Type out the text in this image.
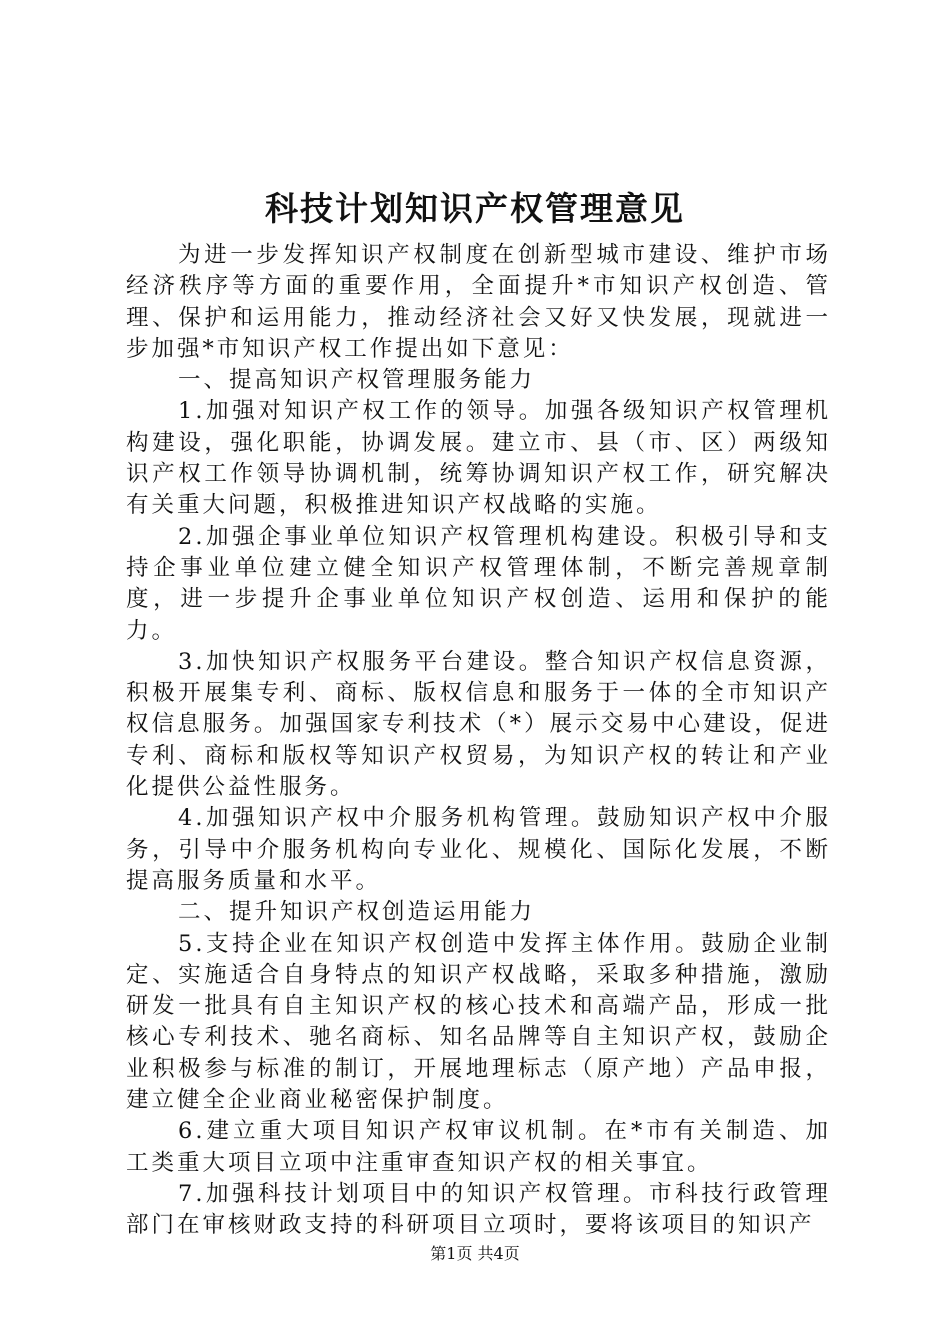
科技计划知识产权管理意见

为进一步发挥知识产权制度在创新型城市建设、维护市场经济秩序等方面的重要作用，全面提升*市知识产权创造、管理、保护和运用能力，推动经济社会又好又快发展，现就进一步加强*市知识产权工作提出如下意见：

一、提高知识产权管理服务能力

1.加强对知识产权工作的领导。加强各级知识产权管理机构建设，强化职能，协调发展。建立市、县（市、区）两级知识产权工作领导协调机制，统筹协调知识产权工作，研究解决有关重大问题，积极推进知识产权战略的实施。

2.加强企事业单位知识产权管理机构建设。积极引导和支持企事业单位建立健全知识产权管理体制，不断完善规章制度，进一步提升企事业单位知识产权创造、运用和保护的能力。

3.加快知识产权服务平台建设。整合知识产权信息资源，积极开展集专利、商标、版权信息和服务于一体的全市知识产权信息服务。加强国家专利技术（*）展示交易中心建设，促进专利、商标和版权等知识产权贸易，为知识产权的转让和产业化提供公益性服务。

4.加强知识产权中介服务机构管理。鼓励知识产权中介服务，引导中介服务机构向专业化、规模化、国际化发展，不断提高服务质量和水平。

二、提升知识产权创造运用能力

5.支持企业在知识产权创造中发挥主体作用。鼓励企业制定、实施适合自身特点的知识产权战略，采取多种措施，激励研发一批具有自主知识产权的核心技术和高端产品，形成一批核心专利技术、驰名商标、知名品牌等自主知识产权，鼓励企业积极参与标准的制订，开展地理标志（原产地）产品申报，建立健全企业商业秘密保护制度。

6.建立重大项目知识产权审议机制。在*市有关制造、加工类重大项目立项中注重审查知识产权的相关事宜。

7.加强科技计划项目中的知识产权管理。市科技行政管理部门在审核财政支持的科研项目立项时，要将该项目的知识产

第1页 共4页
